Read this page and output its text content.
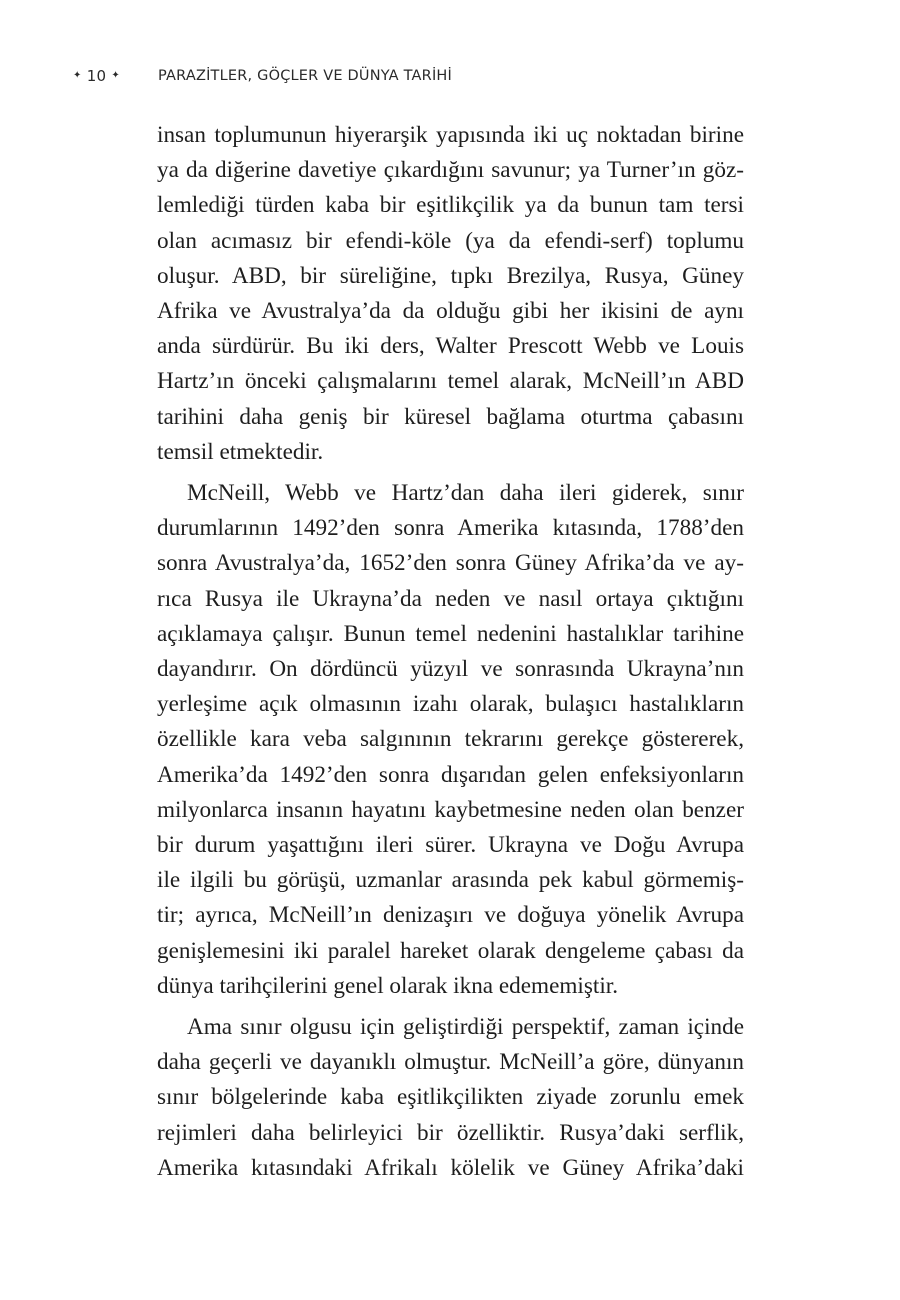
✦ 10 ✦	PARAZİTLER, GÖÇLER VE DÜNYA TARİHİ

insan toplumunun hiyerarşik yapısında iki uç noktadan birine
ya da diğerine davetiye çıkardığını savunur; ya Turner’ın göz-
lemlediği türden kaba bir eşitlikçilik ya da bunun tam tersi
olan acımasız bir efendi-köle (ya da efendi-serf) toplumu
oluşur. ABD, bir süreliğine, tıpkı Brezilya, Rusya, Güney
Afrika ve Avustralya’da da olduğu gibi her ikisini de aynı
anda sürdürür. Bu iki ders, Walter Prescott Webb ve Louis
Hartz’ın önceki çalışmalarını temel alarak, McNeill’ın ABD
tarihini daha geniş bir küresel bağlama oturtma çabasını
temsil etmektedir.

McNeill, Webb ve Hartz’dan daha ileri giderek, sınır
durumlarının 1492’den sonra Amerika kıtasında, 1788’den
sonra Avustralya’da, 1652’den sonra Güney Afrika’da ve ay-
rıca Rusya ile Ukrayna’da neden ve nasıl ortaya çıktığını
açıklamaya çalışır. Bunun temel nedenini hastalıklar tarihine
dayandırır. On dördüncü yüzyıl ve sonrasında Ukrayna’nın
yerleşime açık olmasının izahı olarak, bulaşıcı hastalıkların
özellikle kara veba salgınının tekrarını gerekçe göstererek,
Amerika’da 1492’den sonra dışarıdan gelen enfeksiyonların
milyonlarca insanın hayatını kaybetmesine neden olan benzer
bir durum yaşattığını ileri sürer. Ukrayna ve Doğu Avrupa
ile ilgili bu görüşü, uzmanlar arasında pek kabul görmemiş-
tir; ayrıca, McNeill’ın denizaşırı ve doğuya yönelik Avrupa
genişlemesini iki paralel hareket olarak dengeleme çabası da
dünya tarihçilerini genel olarak ikna edememiştir.

Ama sınır olgusu için geliştirdiği perspektif, zaman içinde
daha geçerli ve dayanıklı olmuştur. McNeill’a göre, dünyanın
sınır bölgelerinde kaba eşitlikçilikten ziyade zorunlu emek
rejimleri daha belirleyici bir özelliktir. Rusya’daki serflik,
Amerika kıtasındaki Afrikalı kölelik ve Güney Afrika’daki
